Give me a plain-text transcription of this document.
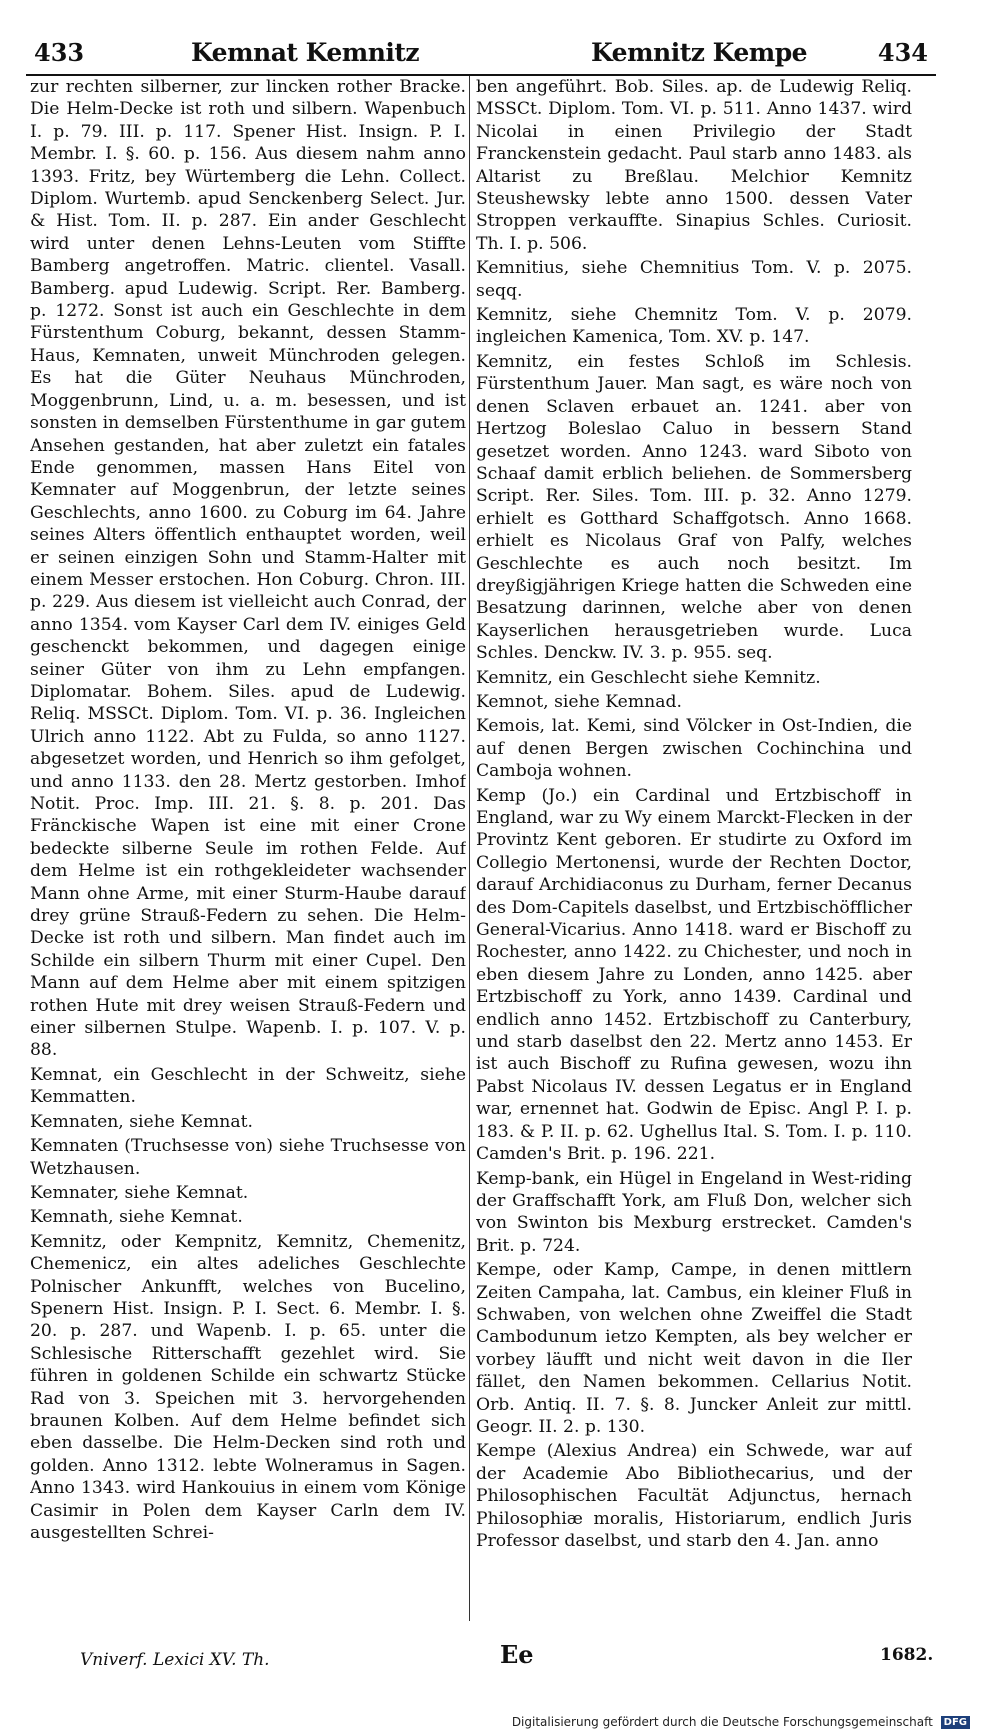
433	Kemnat Kemnitz	Kemnitz Kempe	434

zur rechten silberner, zur lincken rother Bracke. Die Helm-Decke ist roth und silbern. Wapenbuch I. p. 79. III. p. 117. Spener Hist. Insign. P. I. Membr. I. §. 60. p. 156. Aus diesem nahm anno 1393. Fritz, bey Würtemberg die Lehn. Collect. Diplom. Wurtemb. apud Senckenberg Select. Jur. & Hist. Tom. II. p. 287. Ein ander Geschlecht wird unter denen Lehns-Leuten vom Stiffte Bamberg angetroffen. Matric. clientel. Vasall. Bamberg. apud Ludewig. Script. Rer. Bamberg. p. 1272. Sonst ist auch ein Geschlechte in dem Fürstenthum Coburg, bekannt, dessen Stamm-Haus, Kemnaten, unweit Münchroden gelegen. Es hat die Güter Neuhaus Münchroden, Moggenbrunn, Lind, u. a. m. besessen, und ist sonsten in demselben Fürstenthume in gar gutem Ansehen gestanden, hat aber zuletzt ein fatales Ende genommen, massen Hans Eitel von Kemnater auf Moggenbrun, der letzte seines Geschlechts, anno 1600. zu Coburg im 64. Jahre seines Alters öffentlich enthauptet worden, weil er seinen einzigen Sohn und Stamm-Halter mit einem Messer erstochen. Hon Coburg. Chron. III. p. 229. Aus diesem ist vielleicht auch Conrad, der anno 1354. vom Kayser Carl dem IV. einiges Geld geschenckt bekommen, und dagegen einige seiner Güter von ihm zu Lehn empfangen. Diplomatar. Bohem. Siles. apud de Ludewig. Reliq. MSSCt. Diplom. Tom. VI. p. 36. Ingleichen Ulrich anno 1122. Abt zu Fulda, so anno 1127. abgesetzet worden, und Henrich so ihm gefolget, und anno 1133. den 28. Mertz gestorben. Imhof Notit. Proc. Imp. III. 21. §. 8. p. 201. Das Fränckische Wapen ist eine mit einer Crone bedeckte silberne Seule im rothen Felde. Auf dem Helme ist ein rothgekleideter wachsender Mann ohne Arme, mit einer Sturm-Haube darauf drey grüne Strauß-Federn zu sehen. Die Helm-Decke ist roth und silbern. Man findet auch im Schilde ein silbern Thurm mit einer Cupel. Den Mann auf dem Helme aber mit einem spitzigen rothen Hute mit drey weisen Strauß-Federn und einer silbernen Stulpe. Wapenb. I. p. 107. V. p. 88.

Kemnat, ein Geschlecht in der Schweitz, siehe Kemmatten.

Kemnaten, siehe Kemnat.

Kemnaten (Truchsesse von) siehe Truchsesse von Wetzhausen.

Kemnater, siehe Kemnat.

Kemnath, siehe Kemnat.

Kemnitz, oder Kempnitz, Kemnitz, Chemenitz, Chemenicz, ein altes adeliches Geschlechte Polnischer Ankunfft, welches von Bucelino, Spenern Hist. Insign. P. I. Sect. 6. Membr. I. §. 20. p. 287. und Wapenb. I. p. 65. unter die Schlesische Ritterschafft gezehlet wird. Sie führen in goldenen Schilde ein schwartz Stücke Rad von 3. Speichen mit 3. hervorgehenden braunen Kolben. Auf dem Helme befindet sich eben dasselbe. Die Helm-Decken sind roth und golden. Anno 1312. lebte Wolneramus in Sagen. Anno 1343. wird Hankouius in einem vom Könige Casimir in Polen dem Kayser Carln dem IV. ausgestellten Schrei-

ben angeführt. Bob. Siles. ap. de Ludewig Reliq. MSSCt. Diplom. Tom. VI. p. 511. Anno 1437. wird Nicolai in einen Privilegio der Stadt Franckenstein gedacht. Paul starb anno 1483. als Altarist zu Breßlau. Melchior Kemnitz Steushewsky lebte anno 1500. dessen Vater Stroppen verkauffte. Sinapius Schles. Curiosit. Th. I. p. 506.

Kemnitius, siehe Chemnitius Tom. V. p. 2075. seqq.

Kemnitz, siehe Chemnitz Tom. V. p. 2079. ingleichen Kamenica, Tom. XV. p. 147.

Kemnitz, ein festes Schloß im Schlesis. Fürstenthum Jauer. Man sagt, es wäre noch von denen Sclaven erbauet an. 1241. aber von Hertzog Boleslao Caluo in bessern Stand gesetzet worden. Anno 1243. ward Siboto von Schaaf damit erblich beliehen. de Sommersberg Script. Rer. Siles. Tom. III. p. 32. Anno 1279. erhielt es Gotthard Schaffgotsch. Anno 1668. erhielt es Nicolaus Graf von Palfy, welches Geschlechte es auch noch besitzt. Im dreyßigjährigen Kriege hatten die Schweden eine Besatzung darinnen, welche aber von denen Kayserlichen herausgetrieben wurde. Luca Schles. Denckw. IV. 3. p. 955. seq.

Kemnitz, ein Geschlecht siehe Kemnitz.

Kemnot, siehe Kemnad.

Kemois, lat. Kemi, sind Völcker in Ost-Indien, die auf denen Bergen zwischen Cochinchina und Camboja wohnen.

Kemp (Jo.) ein Cardinal und Ertzbischoff in England, war zu Wy einem Marckt-Flecken in der Provintz Kent geboren. Er studirte zu Oxford im Collegio Mertonensi, wurde der Rechten Doctor, darauf Archidiaconus zu Durham, ferner Decanus des Dom-Capitels daselbst, und Ertzbischöfflicher General-Vicarius. Anno 1418. ward er Bischoff zu Rochester, anno 1422. zu Chichester, und noch in eben diesem Jahre zu Londen, anno 1425. aber Ertzbischoff zu York, anno 1439. Cardinal und endlich anno 1452. Ertzbischoff zu Canterbury, und starb daselbst den 22. Mertz anno 1453. Er ist auch Bischoff zu Rufina gewesen, wozu ihn Pabst Nicolaus IV. dessen Legatus er in England war, ernennet hat. Godwin de Episc. Angl P. I. p. 183. & P. II. p. 62. Ughellus Ital. S. Tom. I. p. 110. Camden's Brit. p. 196. 221.

Kemp-bank, ein Hügel in Engeland in West-riding der Graffschafft York, am Fluß Don, welcher sich von Swinton bis Mexburg erstrecket. Camden's Brit. p. 724.

Kempe, oder Kamp, Campe, in denen mittlern Zeiten Campaha, lat. Cambus, ein kleiner Fluß in Schwaben, von welchen ohne Zweiffel die Stadt Cambodunum ietzo Kempten, als bey welcher er vorbey läufft und nicht weit davon in die Iler fället, den Namen bekommen. Cellarius Notit. Orb. Antiq. II. 7. §. 8. Juncker Anleit zur mittl. Geogr. II. 2. p. 130.

Kempe (Alexius Andrea) ein Schwede, war auf der Academie Abo Bibliothecarius, und der Philosophischen Facultät Adjunctus, hernach Philosophiæ moralis, Historiarum, endlich Juris Professor daselbst, und starb den 4. Jan. anno

Vniverf. Lexici XV. Th.	Ee	1682.
Digitalisierung gefördert durch die Deutsche Forschungsgemeinschaft DFG
